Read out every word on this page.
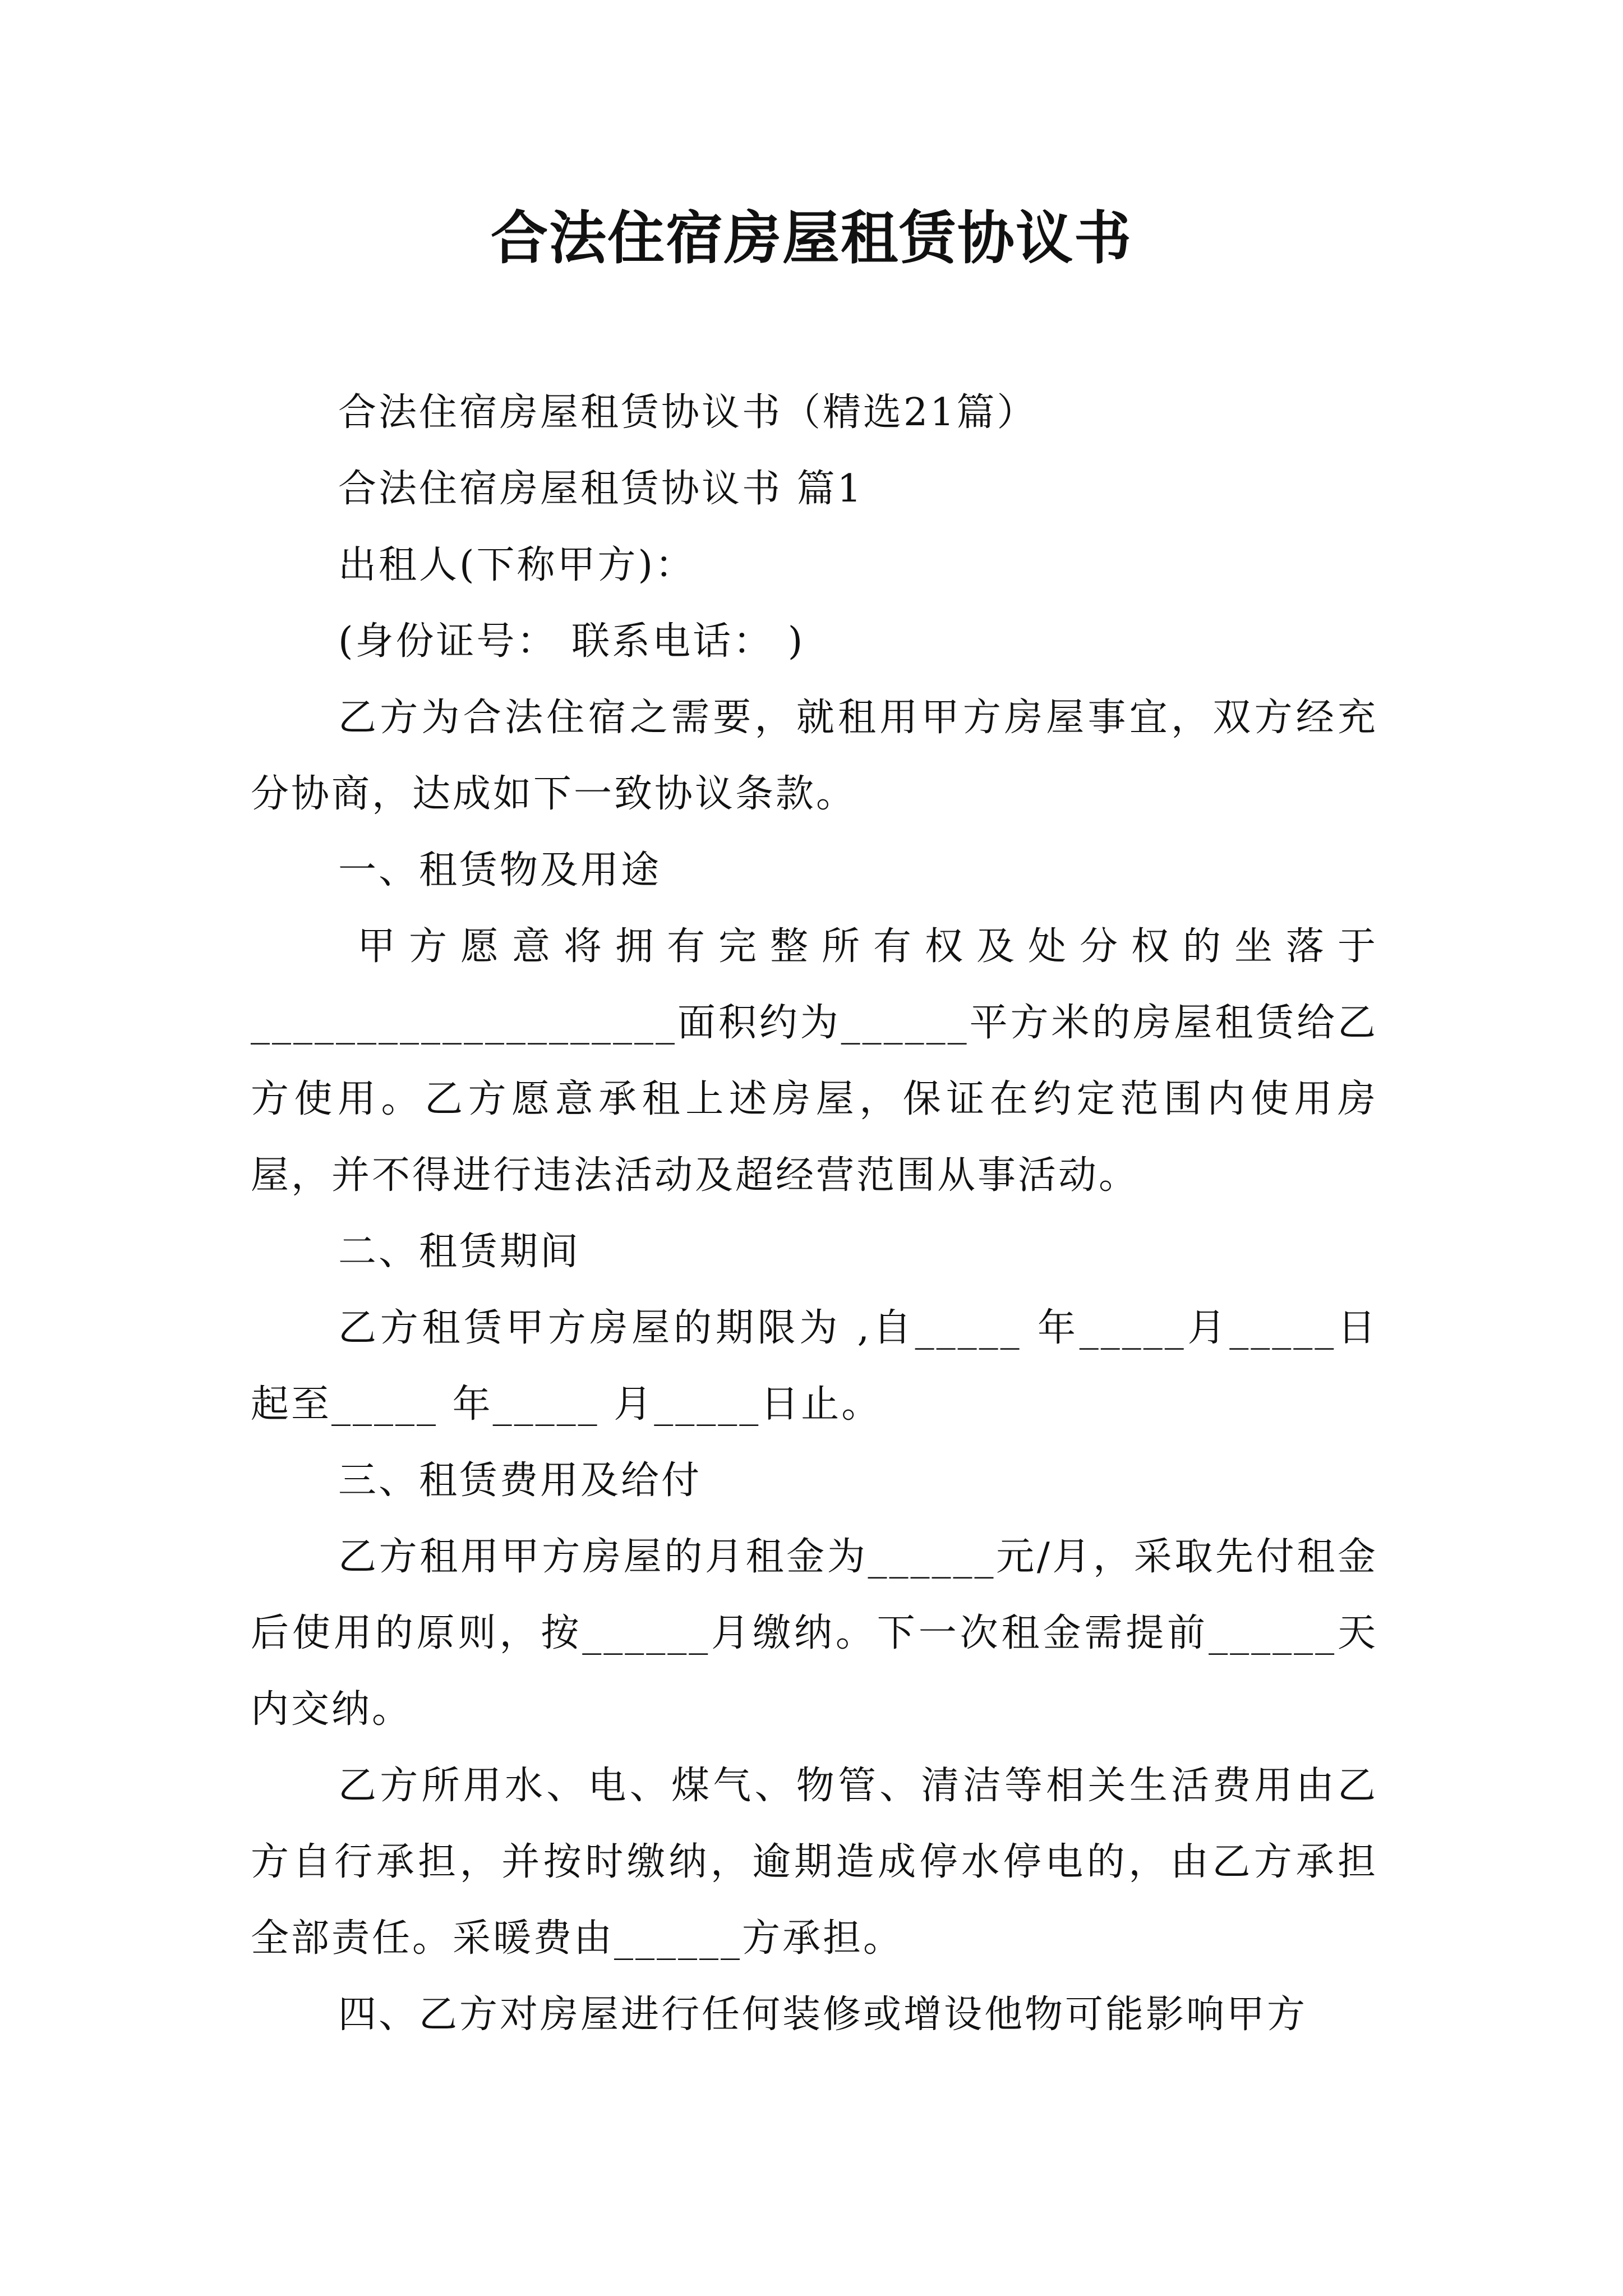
合法住宿房屋租赁协议书

合法住宿房屋租赁协议书（精选21篇）

合法住宿房屋租赁协议书 篇1

出租人(下称甲方)：

(身份证号： 联系电话： )

乙方为合法住宿之需要，就租用甲方房屋事宜，双方经充分协商，达成如下一致协议条款。

一、租赁物及用途

甲方愿意将拥有完整所有权及处分权的坐落于____________________面积约为______平方米的房屋租赁给乙方使用。乙方愿意承租上述房屋，保证在约定范围内使用房屋，并不得进行违法活动及超经营范围从事活动。

二、租赁期间

乙方租赁甲方房屋的期限为 ,自_____ 年_____月_____日起至_____ 年_____ 月_____日止。

三、租赁费用及给付

乙方租用甲方房屋的月租金为______元/月，采取先付租金后使用的原则，按______月缴纳。下一次租金需提前______天内交纳。

乙方所用水、电、煤气、物管、清洁等相关生活费用由乙方自行承担，并按时缴纳，逾期造成停水停电的，由乙方承担全部责任。采暖费由______方承担。

四、乙方对房屋进行任何装修或增设他物可能影响甲方
